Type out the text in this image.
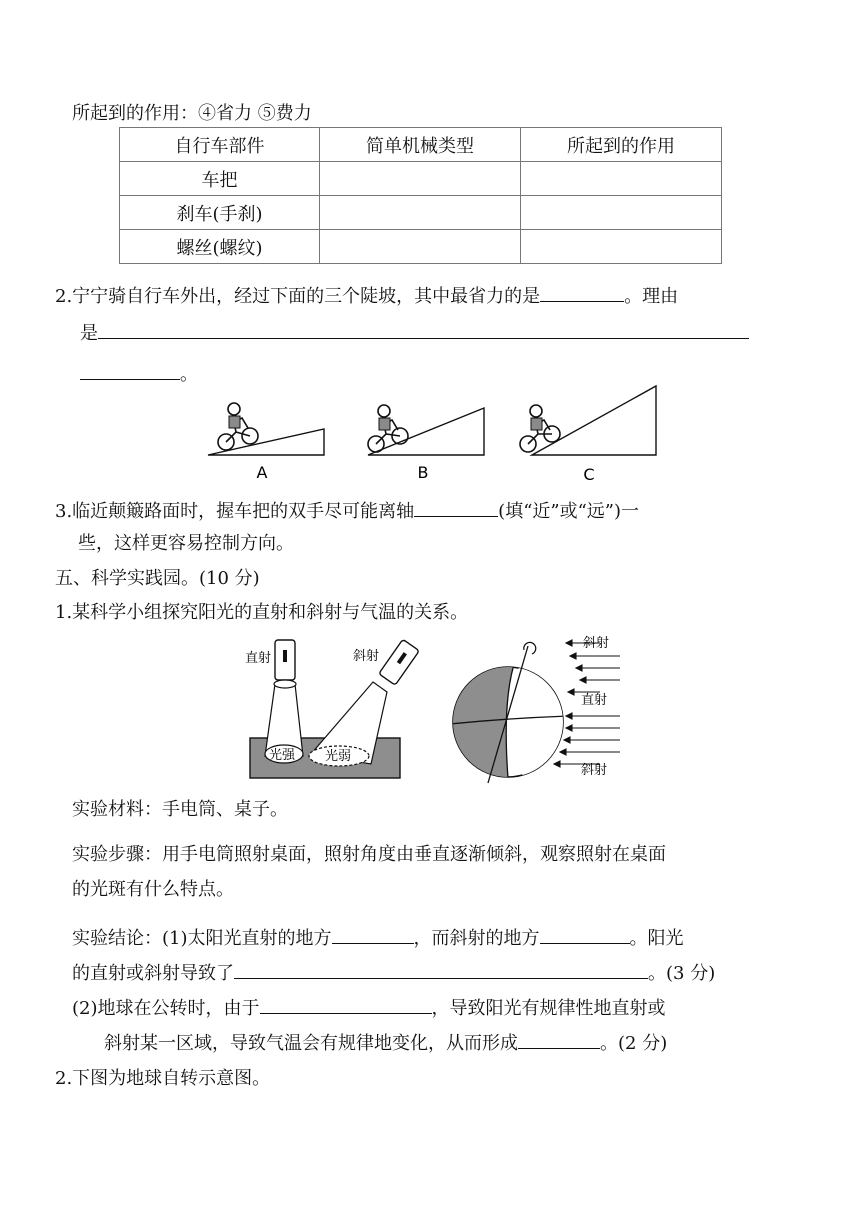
所起到的作用：④省力 ⑤费力
自行车部件	简单机械类型	所起到的作用
车把		
刹车(手刹)		
螺丝(螺纹)		
2.宁宁骑自行车外出，经过下面的三个陡坡，其中最省力的是	。理由
是
。
A	B	C
3.临近颠簸路面时，握车把的双手尽可能离轴	(填“近”或“远”)一
些，这样更容易控制方向。
五、科学实践园。(10 分)
1.某科学小组探究阳光的直射和斜射与气温的关系。
直射	斜射
光强 光弱
斜射
直射
斜射
实验材料：手电筒、桌子。
实验步骤：用手电筒照射桌面，照射角度由垂直逐渐倾斜，观察照射在桌面
的光斑有什么特点。
实验结论：(1)太阳光直射的地方	，而斜射的地方	。阳光
的直射或斜射导致了	。(3 分)
(2)地球在公转时，由于	，导致阳光有规律性地直射或
斜射某一区域，导致气温会有规律地变化，从而形成	。(2 分)
2.下图为地球自转示意图。
